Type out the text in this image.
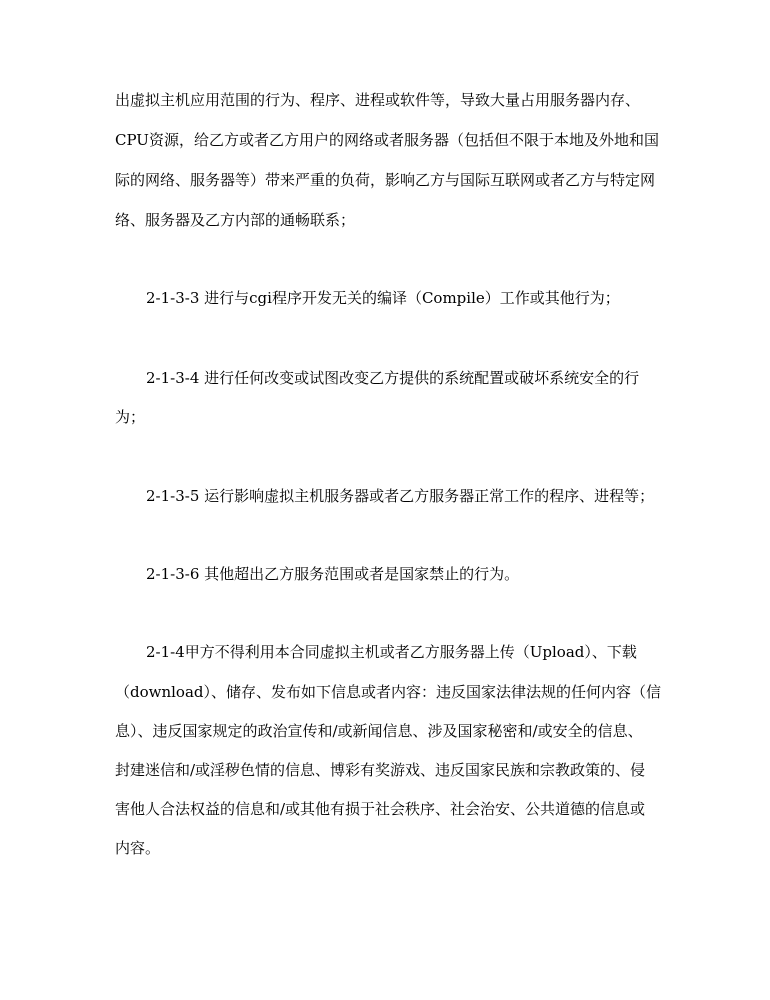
出虚拟主机应用范围的行为、程序、进程或软件等，导致大量占用服务器内存、
CPU资源，给乙方或者乙方用户的网络或者服务器（包括但不限于本地及外地和国
际的网络、服务器等）带来严重的负荷，影响乙方与国际互联网或者乙方与特定网
络、服务器及乙方内部的通畅联系；
2-1-3-3 进行与cgi程序开发无关的编译（Compile）工作或其他行为；
2-1-3-4 进行任何改变或试图改变乙方提供的系统配置或破坏系统安全的行
为；
2-1-3-5 运行影响虚拟主机服务器或者乙方服务器正常工作的程序、进程等；
2-1-3-6 其他超出乙方服务范围或者是国家禁止的行为。
2-1-4甲方不得利用本合同虚拟主机或者乙方服务器上传（Upload）、下载
（download）、储存、发布如下信息或者内容：违反国家法律法规的任何内容（信
息）、违反国家规定的政治宣传和/或新闻信息、涉及国家秘密和/或安全的信息、
封建迷信和/或淫秽色情的信息、博彩有奖游戏、违反国家民族和宗教政策的、侵
害他人合法权益的信息和/或其他有损于社会秩序、社会治安、公共道德的信息或
内容。
